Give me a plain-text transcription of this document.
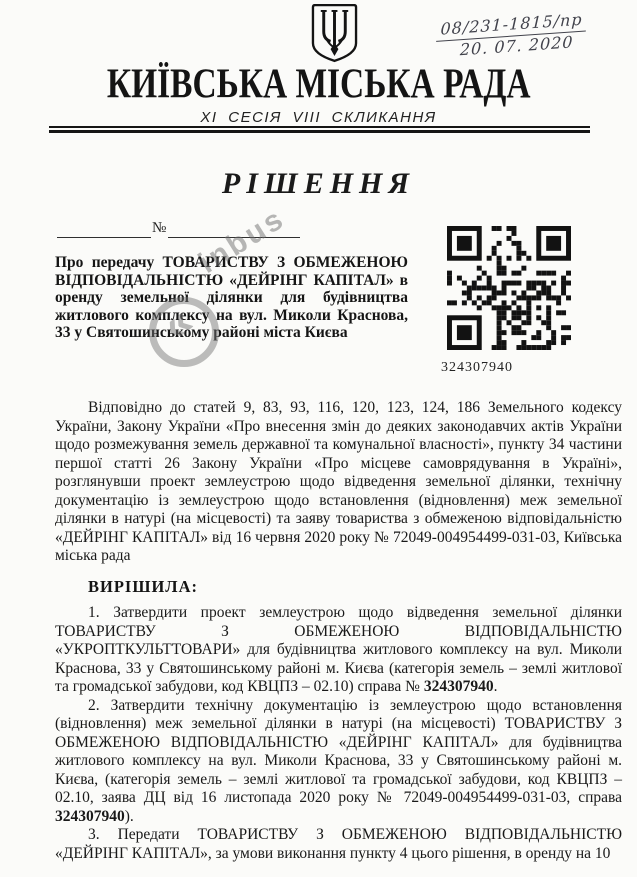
08/231-1815/пр
20. 07. 2020
КИЇВСЬКА МІСЬКА РАДА
XI СЕСІЯ VIII СКЛИКАННЯ
РІШЕННЯ
№
Про передачу ТОВАРИСТВУ З ОБМЕЖЕНОЮ ВІДПОВІДАЛЬНІСТЮ «ДЕЙРІНГ КАПІТАЛ» в оренду земельної ділянки для будівництва житлового комплексу на вул. Миколи Краснова, 33 у Святошинському районі міста Києва
324307940
Відповідно до статей 9, 83, 93, 116, 120, 123, 124, 186 Земельного кодексу України, Закону України «Про внесення змін до деяких законодавчих актів України щодо розмежування земель державної та комунальної власності», пункту 34 частини першої статті 26 Закону України «Про місцеве самоврядування в Україні», розглянувши проект землеустрою щодо відведення земельної ділянки, технічну документацію із землеустрою щодо встановлення (відновлення) меж земельної ділянки в натурі (на місцевості) та заяву товариства з обмеженою відповідальністю «ДЕЙРІНГ КАПІТАЛ» від 16 червня 2020 року № 72049-004954499-031-03, Київська міська рада
ВИРІШИЛА:

1. Затвердити проект землеустрою щодо відведення земельної ділянки ТОВАРИСТВУ З ОБМЕЖЕНОЮ ВІДПОВІДАЛЬНІСТЮ «УКРОПТКУЛЬТТОВАРИ» для будівництва житлового комплексу на вул. Миколи Краснова, 33 у Святошинському районі м. Києва (категорія земель – землі житлової та громадської забудови, код КВЦПЗ – 02.10) справа № 324307940.

2. Затвердити технічну документацію із землеустрою щодо встановлення (відновлення) меж земельної ділянки в натурі (на місцевості) ТОВАРИСТВУ З ОБМЕЖЕНОЮ ВІДПОВІДАЛЬНІСТЮ «ДЕЙРІНГ КАПІТАЛ» для будівництва житлового комплексу на вул. Миколи Краснова, 33 у Святошинському районі м. Києва, (категорія земель – землі житлової та громадської забудови, код КВЦПЗ – 02.10, заява ДЦ від 16 листопада 2020 року № 72049-004954499-031-03, справа 324307940).

3. Передати ТОВАРИСТВУ З ОБМЕЖЕНОЮ ВІДПОВІДАЛЬНІСТЮ «ДЕЙРІНГ КАПІТАЛ», за умови виконання пункту 4 цього рішення, в оренду на 10

inbus
«
